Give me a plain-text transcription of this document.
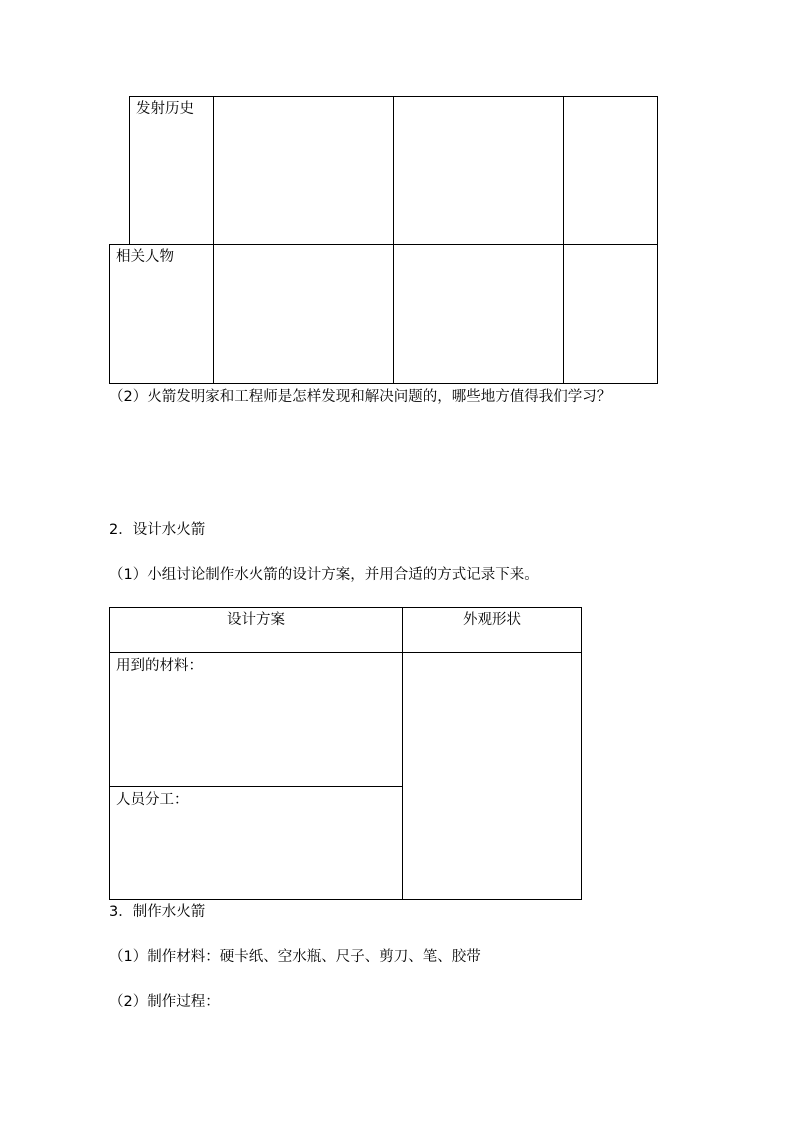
发射历史
相关人物
（2）火箭发明家和工程师是怎样发现和解决问题的，哪些地方值得我们学习？
2．设计水火箭
（1）小组讨论制作水火箭的设计方案，并用合适的方式记录下来。
设计方案	外观形状
用到的材料：
人员分工：
3．制作水火箭
（1）制作材料：硬卡纸、空水瓶、尺子、剪刀、笔、胶带
（2）制作过程：
